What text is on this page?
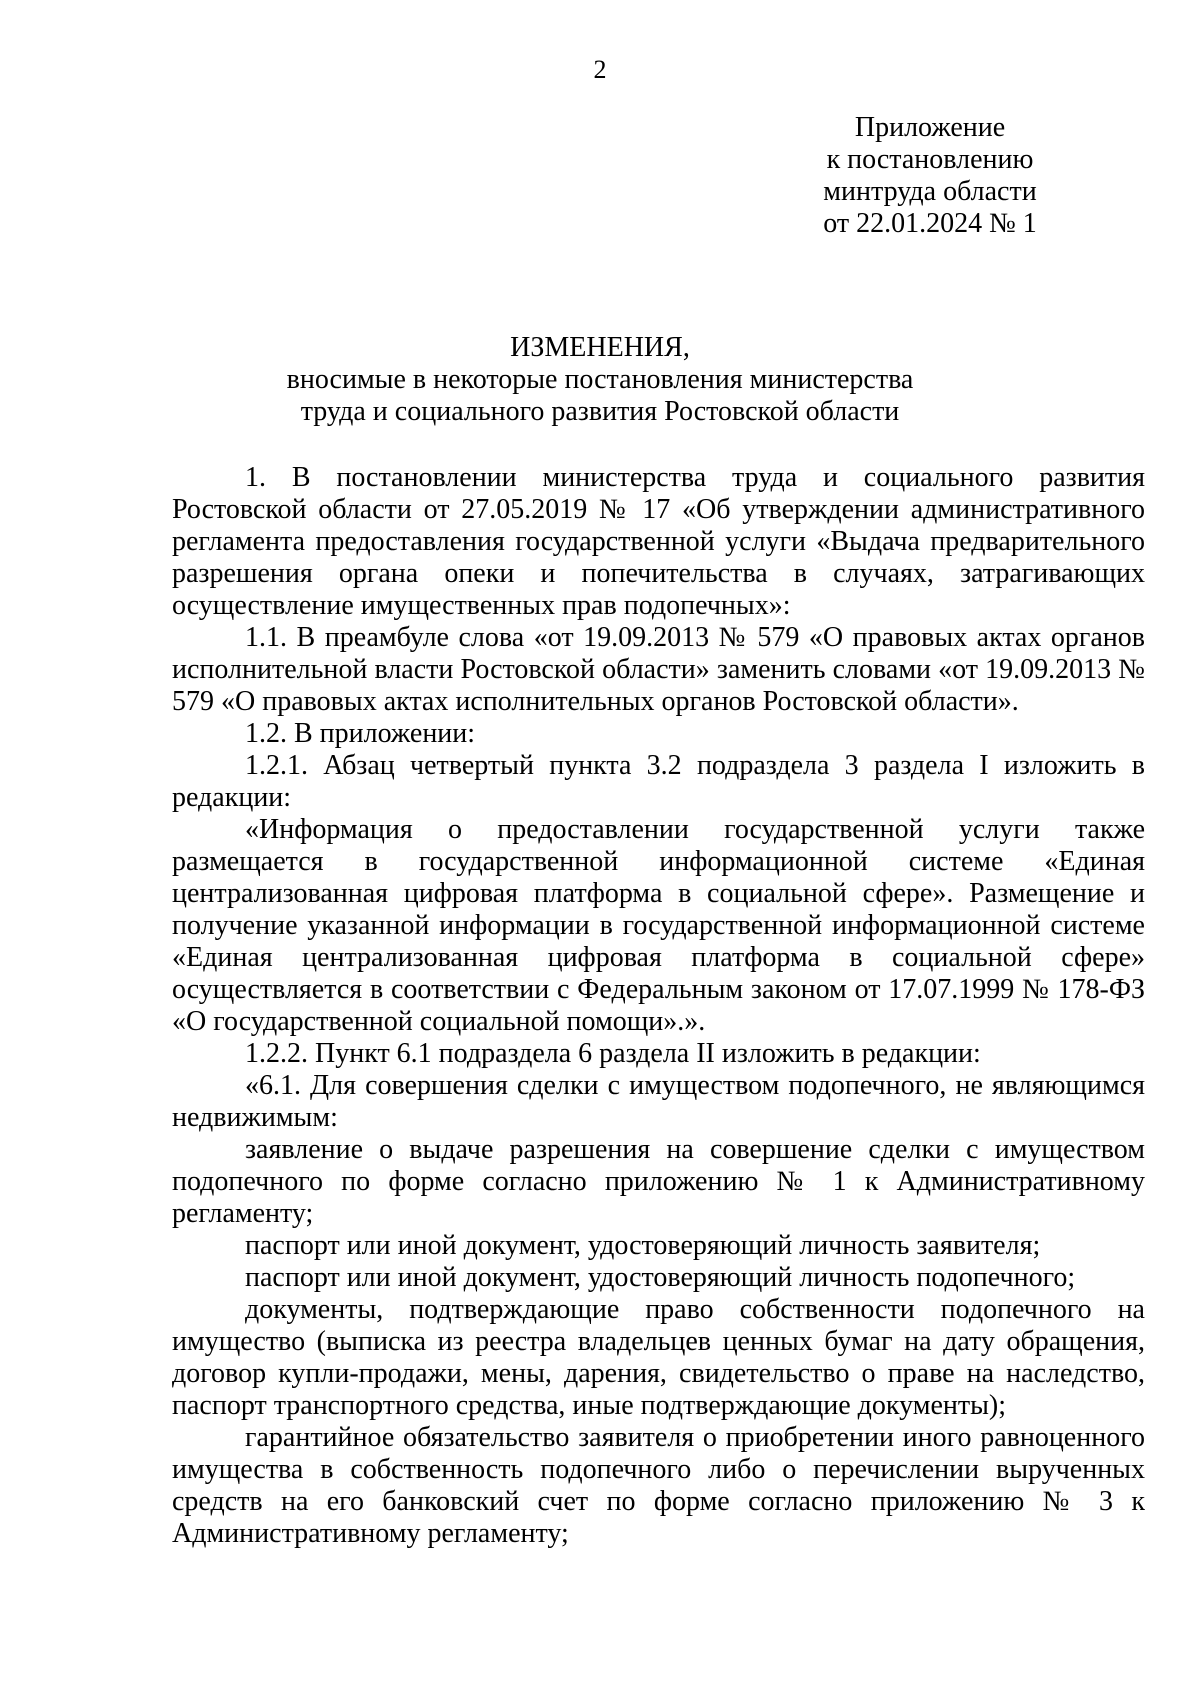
2
Приложение
к постановлению
минтруда области
от 22.01.2024 № 1
ИЗМЕНЕНИЯ,
вносимые в некоторые постановления министерства
труда и социального развития Ростовской области

1. В постановлении министерства труда и социального развития Ростовской области от 27.05.2019 № 17 «Об утверждении административного регламента предоставления государственной услуги «Выдача предварительного разрешения органа опеки и попечительства в случаях, затрагивающих осуществление имущественных прав подопечных»:

1.1. В преамбуле слова «от 19.09.2013 № 579 «О правовых актах органов исполнительной власти Ростовской области» заменить словами «от 19.09.2013 № 579 «О правовых актах исполнительных органов Ростовской области».

1.2. В приложении:

1.2.1. Абзац четвертый пункта 3.2 подраздела 3 раздела I изложить в редакции:

«Информация о предоставлении государственной услуги также размещается в государственной информационной системе «Единая централизованная цифровая платформа в социальной сфере». Размещение и получение указанной информации в государственной информационной системе «Единая централизованная цифровая платформа в социальной сфере» осуществляется в соответствии с Федеральным законом от 17.07.1999 № 178-ФЗ «О государственной социальной помощи».».

1.2.2. Пункт 6.1 подраздела 6 раздела II изложить в редакции:

«6.1. Для совершения сделки с имуществом подопечного, не являющимся недвижимым:

заявление о выдаче разрешения на совершение сделки с имуществом подопечного по форме согласно приложению № 1 к Административному регламенту;

паспорт или иной документ, удостоверяющий личность заявителя;

паспорт или иной документ, удостоверяющий личность подопечного;

документы, подтверждающие право собственности подопечного на имущество (выписка из реестра владельцев ценных бумаг на дату обращения, договор купли-продажи, мены, дарения, свидетельство о праве на наследство, паспорт транспортного средства, иные подтверждающие документы);

гарантийное обязательство заявителя о приобретении иного равноценного имущества в собственность подопечного либо о перечислении вырученных средств на его банковский счет по форме согласно приложению № 3 к Административному регламенту;
